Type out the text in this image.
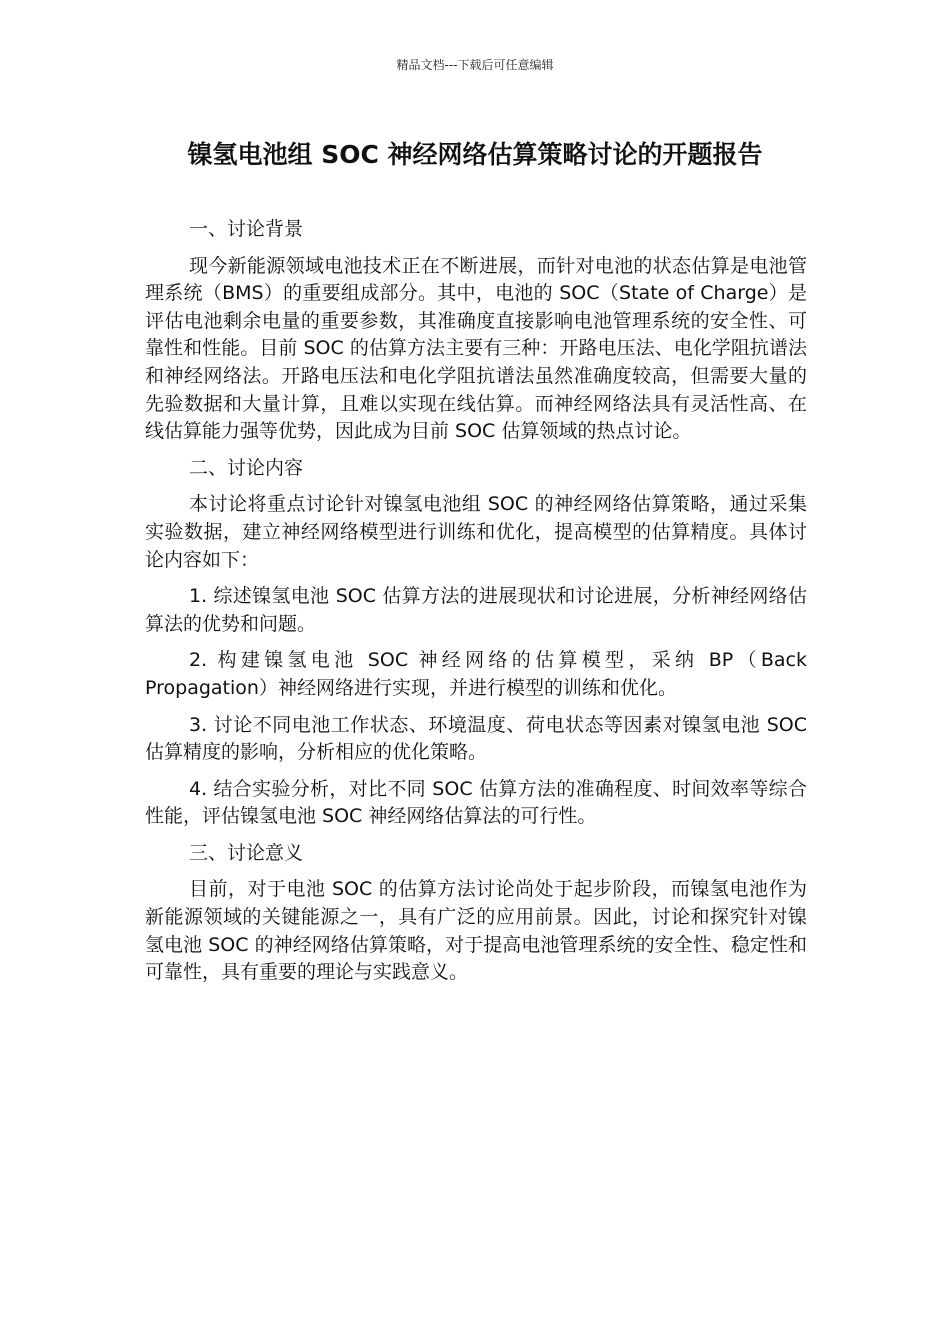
精品文档---下载后可任意编辑
镍氢电池组 SOC 神经网络估算策略讨论的开题报告

一、讨论背景

现今新能源领域电池技术正在不断进展，而针对电池的状态估算是电池管理系统（BMS）的重要组成部分。其中，电池的 SOC（State of Charge）是评估电池剩余电量的重要参数，其准确度直接影响电池管理系统的安全性、可靠性和性能。目前 SOC 的估算方法主要有三种：开路电压法、电化学阻抗谱法和神经网络法。开路电压法和电化学阻抗谱法虽然准确度较高，但需要大量的先验数据和大量计算，且难以实现在线估算。而神经网络法具有灵活性高、在线估算能力强等优势，因此成为目前 SOC 估算领域的热点讨论。

二、讨论内容

本讨论将重点讨论针对镍氢电池组 SOC 的神经网络估算策略，通过采集实验数据，建立神经网络模型进行训练和优化，提高模型的估算精度。具体讨论内容如下：

1. 综述镍氢电池 SOC 估算方法的进展现状和讨论进展，分析神经网络估算法的优势和问题。

2. 构建镍氢电池 SOC 神经网络的估算模型，采纳 BP（Back Propagation）神经网络进行实现，并进行模型的训练和优化。

3. 讨论不同电池工作状态、环境温度、荷电状态等因素对镍氢电池 SOC 估算精度的影响，分析相应的优化策略。

4. 结合实验分析，对比不同 SOC 估算方法的准确程度、时间效率等综合性能，评估镍氢电池 SOC 神经网络估算法的可行性。

三、讨论意义

目前，对于电池 SOC 的估算方法讨论尚处于起步阶段，而镍氢电池作为新能源领域的关键能源之一，具有广泛的应用前景。因此，讨论和探究针对镍氢电池 SOC 的神经网络估算策略，对于提高电池管理系统的安全性、稳定性和可靠性，具有重要的理论与实践意义。
